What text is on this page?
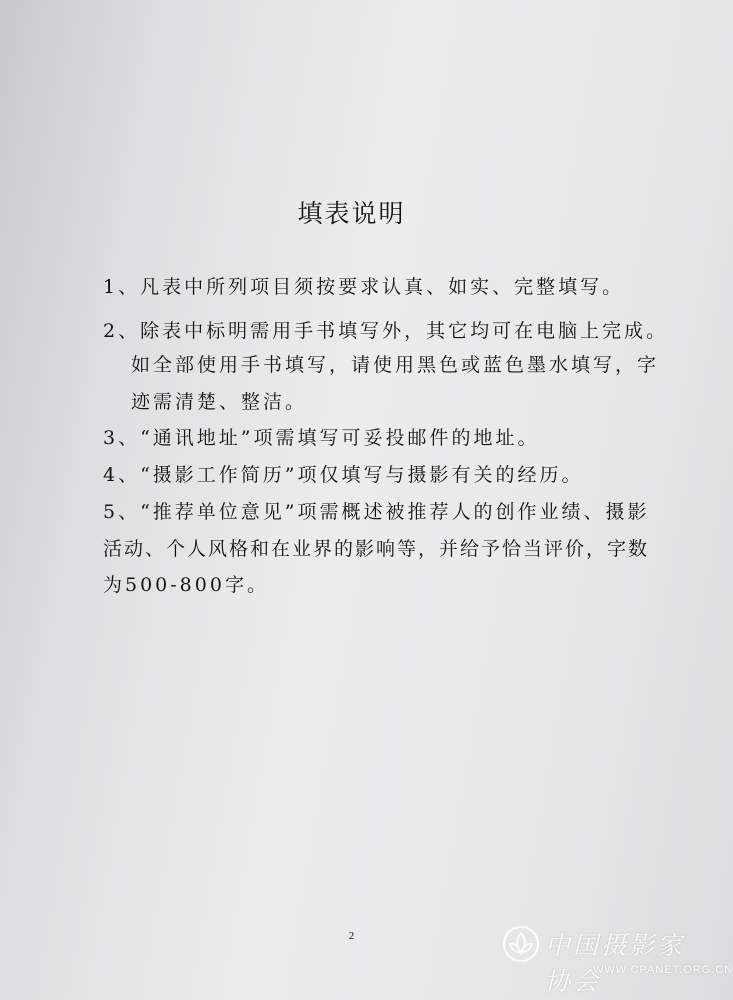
填表说明
1、凡表中所列项目须按要求认真、如实、完整填写。
2、除表中标明需用手书填写外，其它均可在电脑上完成。
如全部使用手书填写，请使用黑色或蓝色墨水填写，字
迹需清楚、整洁。
3、“通讯地址”项需填写可妥投邮件的地址。
4、“摄影工作简历”项仅填写与摄影有关的经历。
5、“推荐单位意见”项需概述被推荐人的创作业绩、摄影
活动、个人风格和在业界的影响等，并给予恰当评价，字数
为500-800字。
2	中国摄影家协会
WWW.CPANET.ORG.CN
